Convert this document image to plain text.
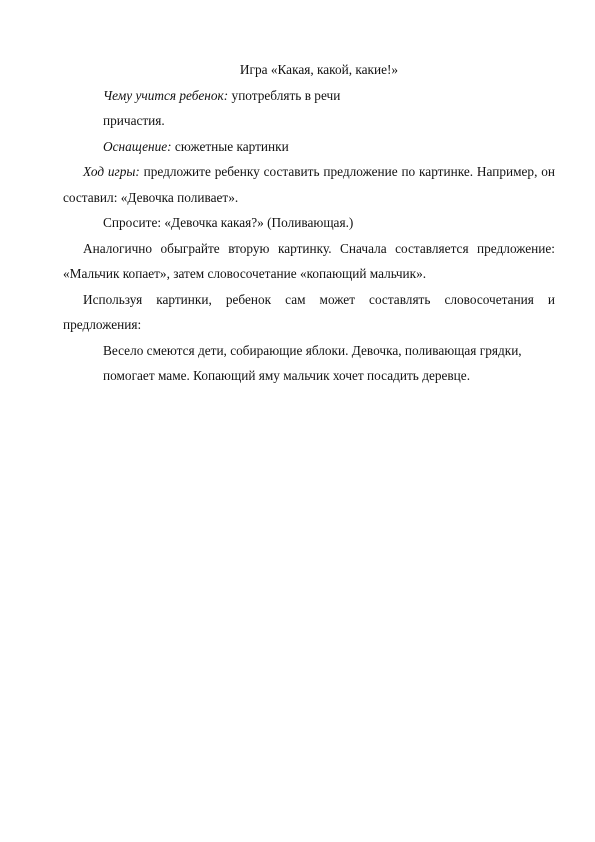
Игра «Какая, какой, какие!»

Чему учится ребенок: употреблять в речи

причастия.

Оснащение: сюжетные картинки

Ход игры: предложите ребенку составить предложение по картинке. Например, он составил: «Девочка поливает».

Спросите: «Девочка какая?» (Поливающая.)

Аналогично обыграйте вторую картинку. Сначала составляется предложение: «Мальчик копает», затем словосочетание «копающий мальчик».

Используя картинки, ребенок сам может составлять словосочетания и предложения:

Весело смеются дети, собирающие яблоки. Девочка, поливающая грядки,

помогает маме. Копающий яму мальчик хочет посадить деревце.
